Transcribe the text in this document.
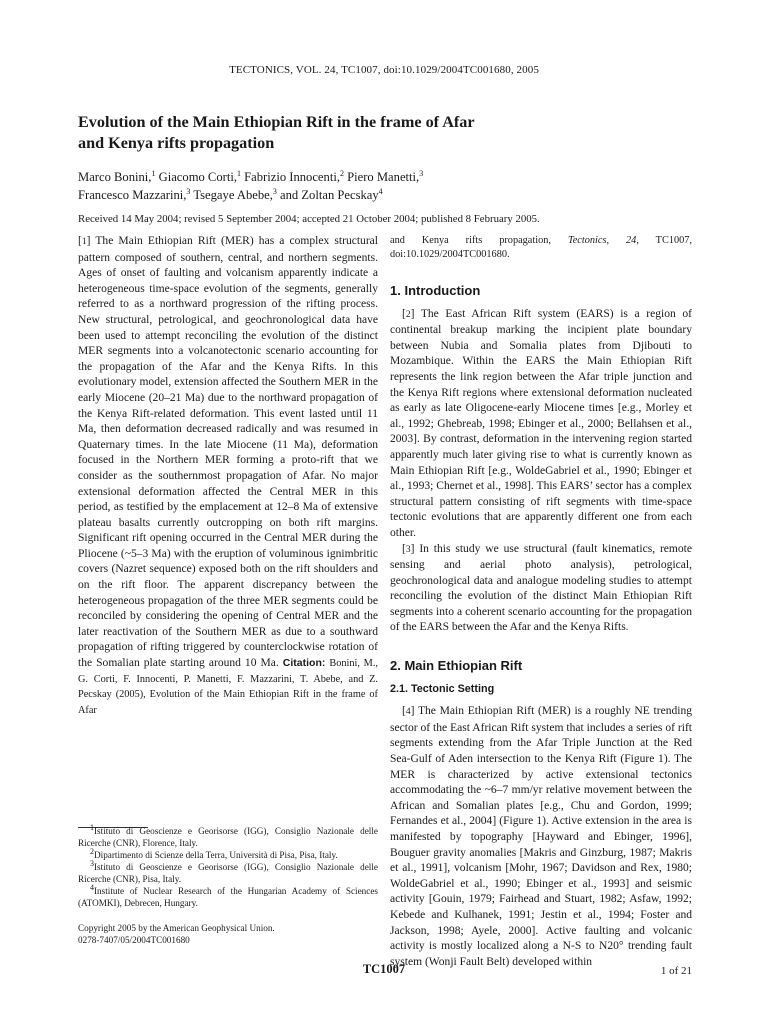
TECTONICS, VOL. 24, TC1007, doi:10.1029/2004TC001680, 2005
Evolution of the Main Ethiopian Rift in the frame of Afar
and Kenya rifts propagation
Marco Bonini,$^1$ Giacomo Corti,$^1$ Fabrizio Innocenti,$^2$ Piero Manetti,$^3$
Francesco Mazzarini,$^3$ Tsegaye Abebe,$^3$ and Zoltan Pecskay$^4$
Received 14 May 2004; revised 5 September 2004; accepted 21 October 2004; published 8 February 2005.

[1] The Main Ethiopian Rift (MER) has a complex structural pattern composed of southern, central, and northern segments. Ages of onset of faulting and volcanism apparently indicate a heterogeneous time-space evolution of the segments, generally referred to as a northward progression of the rifting process. New structural, petrological, and geochronological data have been used to attempt reconciling the evolution of the distinct MER segments into a volcanotectonic scenario accounting for the propagation of the Afar and the Kenya Rifts. In this evolutionary model, extension affected the Southern MER in the early Miocene (20–21 Ma) due to the northward propagation of the Kenya Rift-related deformation. This event lasted until 11 Ma, then deformation decreased radically and was resumed in Quaternary times. In the late Miocene (11 Ma), deformation focused in the Northern MER forming a proto-rift that we consider as the southernmost propagation of Afar. No major extensional deformation affected the Central MER in this period, as testified by the emplacement at 12–8 Ma of extensive plateau basalts currently outcropping on both rift margins. Significant rift opening occurred in the Central MER during the Pliocene (~5–3 Ma) with the eruption of voluminous ignimbritic covers (Nazret sequence) exposed both on the rift shoulders and on the rift floor. The apparent discrepancy between the heterogeneous propagation of the three MER segments could be reconciled by considering the opening of Central MER and the later reactivation of the Southern MER as due to a southward propagation of rifting triggered by counterclockwise rotation of the Somalian plate starting around 10 Ma. Citation: Bonini, M., G. Corti, F. Innocenti, P. Manetti, F. Mazzarini, T. Abebe, and Z. Pecskay (2005), Evolution of the Main Ethiopian Rift in the frame of Afar

and Kenya rifts propagation, Tectonics, 24, TC1007, doi:10.1029/2004TC001680.

1. Introduction

[2] The East African Rift system (EARS) is a region of continental breakup marking the incipient plate boundary between Nubia and Somalia plates from Djibouti to Mozambique. Within the EARS the Main Ethiopian Rift represents the link region between the Afar triple junction and the Kenya Rift regions where extensional deformation nucleated as early as late Oligocene-early Miocene times [e.g., Morley et al., 1992; Ghebreab, 1998; Ebinger et al., 2000; Bellahsen et al., 2003]. By contrast, deformation in the intervening region started apparently much later giving rise to what is currently known as Main Ethiopian Rift [e.g., WoldeGabriel et al., 1990; Ebinger et al., 1993; Chernet et al., 1998]. This EARS’ sector has a complex structural pattern consisting of rift segments with time-space tectonic evolutions that are apparently different one from each other.

[3] In this study we use structural (fault kinematics, remote sensing and aerial photo analysis), petrological, geochronological data and analogue modeling studies to attempt reconciling the evolution of the distinct Main Ethiopian Rift segments into a coherent scenario accounting for the propagation of the EARS between the Afar and the Kenya Rifts.

2. Main Ethiopian Rift
2.1. Tectonic Setting

[4] The Main Ethiopian Rift (MER) is a roughly NE trending sector of the East African Rift system that includes a series of rift segments extending from the Afar Triple Junction at the Red Sea-Gulf of Aden intersection to the Kenya Rift (Figure 1). The MER is characterized by active extensional tectonics accommodating the ~6–7 mm/yr relative movement between the African and Somalian plates [e.g., Chu and Gordon, 1999; Fernandes et al., 2004] (Figure 1). Active extension in the area is manifested by topography [Hayward and Ebinger, 1996], Bouguer gravity anomalies [Makris and Ginzburg, 1987; Makris et al., 1991], volcanism [Mohr, 1967; Davidson and Rex, 1980; WoldeGabriel et al., 1990; Ebinger et al., 1993] and seismic activity [Gouin, 1979; Fairhead and Stuart, 1982; Asfaw, 1992; Kebede and Kulhanek, 1991; Jestin et al., 1994; Foster and Jackson, 1998; Ayele, 2000]. Active faulting and volcanic activity is mostly localized along a N-S to N20° trending fault system (Wonji Fault Belt) developed within

$^1$Istituto di Geoscienze e Georisorse (IGG), Consiglio Nazionale delle Ricerche (CNR), Florence, Italy.

$^2$Dipartimento di Scienze della Terra, Università di Pisa, Pisa, Italy.

$^3$Istituto di Geoscienze e Georisorse (IGG), Consiglio Nazionale delle Ricerche (CNR), Pisa, Italy.

$^4$Institute of Nuclear Research of the Hungarian Academy of Sciences (ATOMKI), Debrecen, Hungary.

Copyright 2005 by the American Geophysical Union.
0278-7407/05/2004TC001680
TC1007	1 of 21
